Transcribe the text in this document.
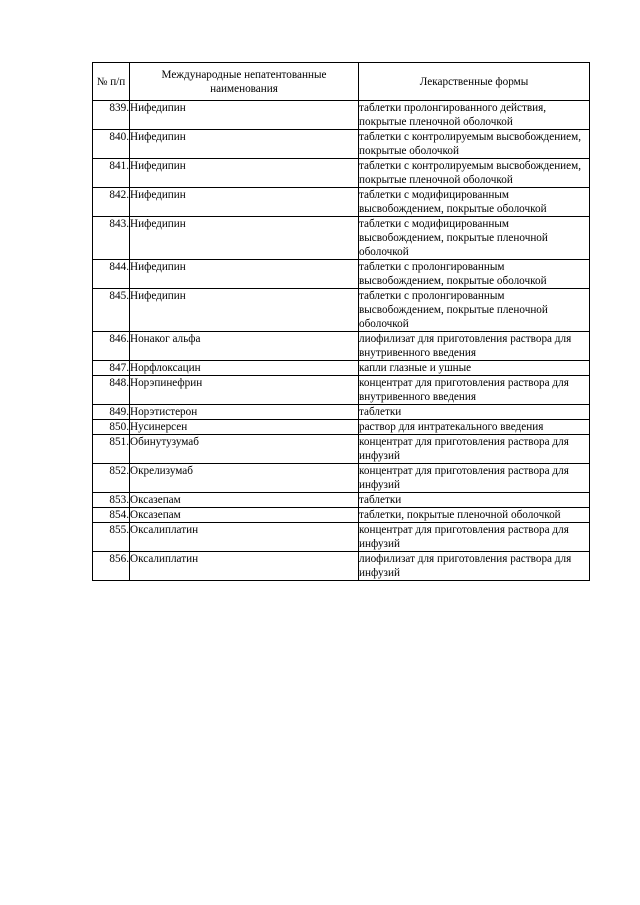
№ п/п	Международные непатентованные наименования	Лекарственные формы
839.	Нифедипин	таблетки пролонгированного действия, покрытые пленочной оболочкой
840.	Нифедипин	таблетки с контролируемым высвобождением, покрытые оболочкой
841.	Нифедипин	таблетки с контролируемым высвобождением, покрытые пленочной оболочкой
842.	Нифедипин	таблетки с модифицированным высвобождением, покрытые оболочкой
843.	Нифедипин	таблетки с модифицированным высвобождением, покрытые пленочной оболочкой
844.	Нифедипин	таблетки с пролонгированным высвобождением, покрытые оболочкой
845.	Нифедипин	таблетки с пролонгированным высвобождением, покрытые пленочной оболочкой
846.	Нонаког альфа	лиофилизат для приготовления раствора для внутривенного введения
847.	Норфлоксацин	капли глазные и ушные
848.	Норэпинефрин	концентрат для приготовления раствора для внутривенного введения
849.	Норэтистерон	таблетки
850.	Нусинерсен	раствор для интратекального введения
851.	Обинутузумаб	концентрат для приготовления раствора для инфузий
852.	Окрелизумаб	концентрат для приготовления раствора для инфузий
853.	Оксазепам	таблетки
854.	Оксазепам	таблетки, покрытые пленочной оболочкой
855.	Оксалиплатин	концентрат для приготовления раствора для инфузий
856.	Оксалиплатин	лиофилизат для приготовления раствора для инфузий
